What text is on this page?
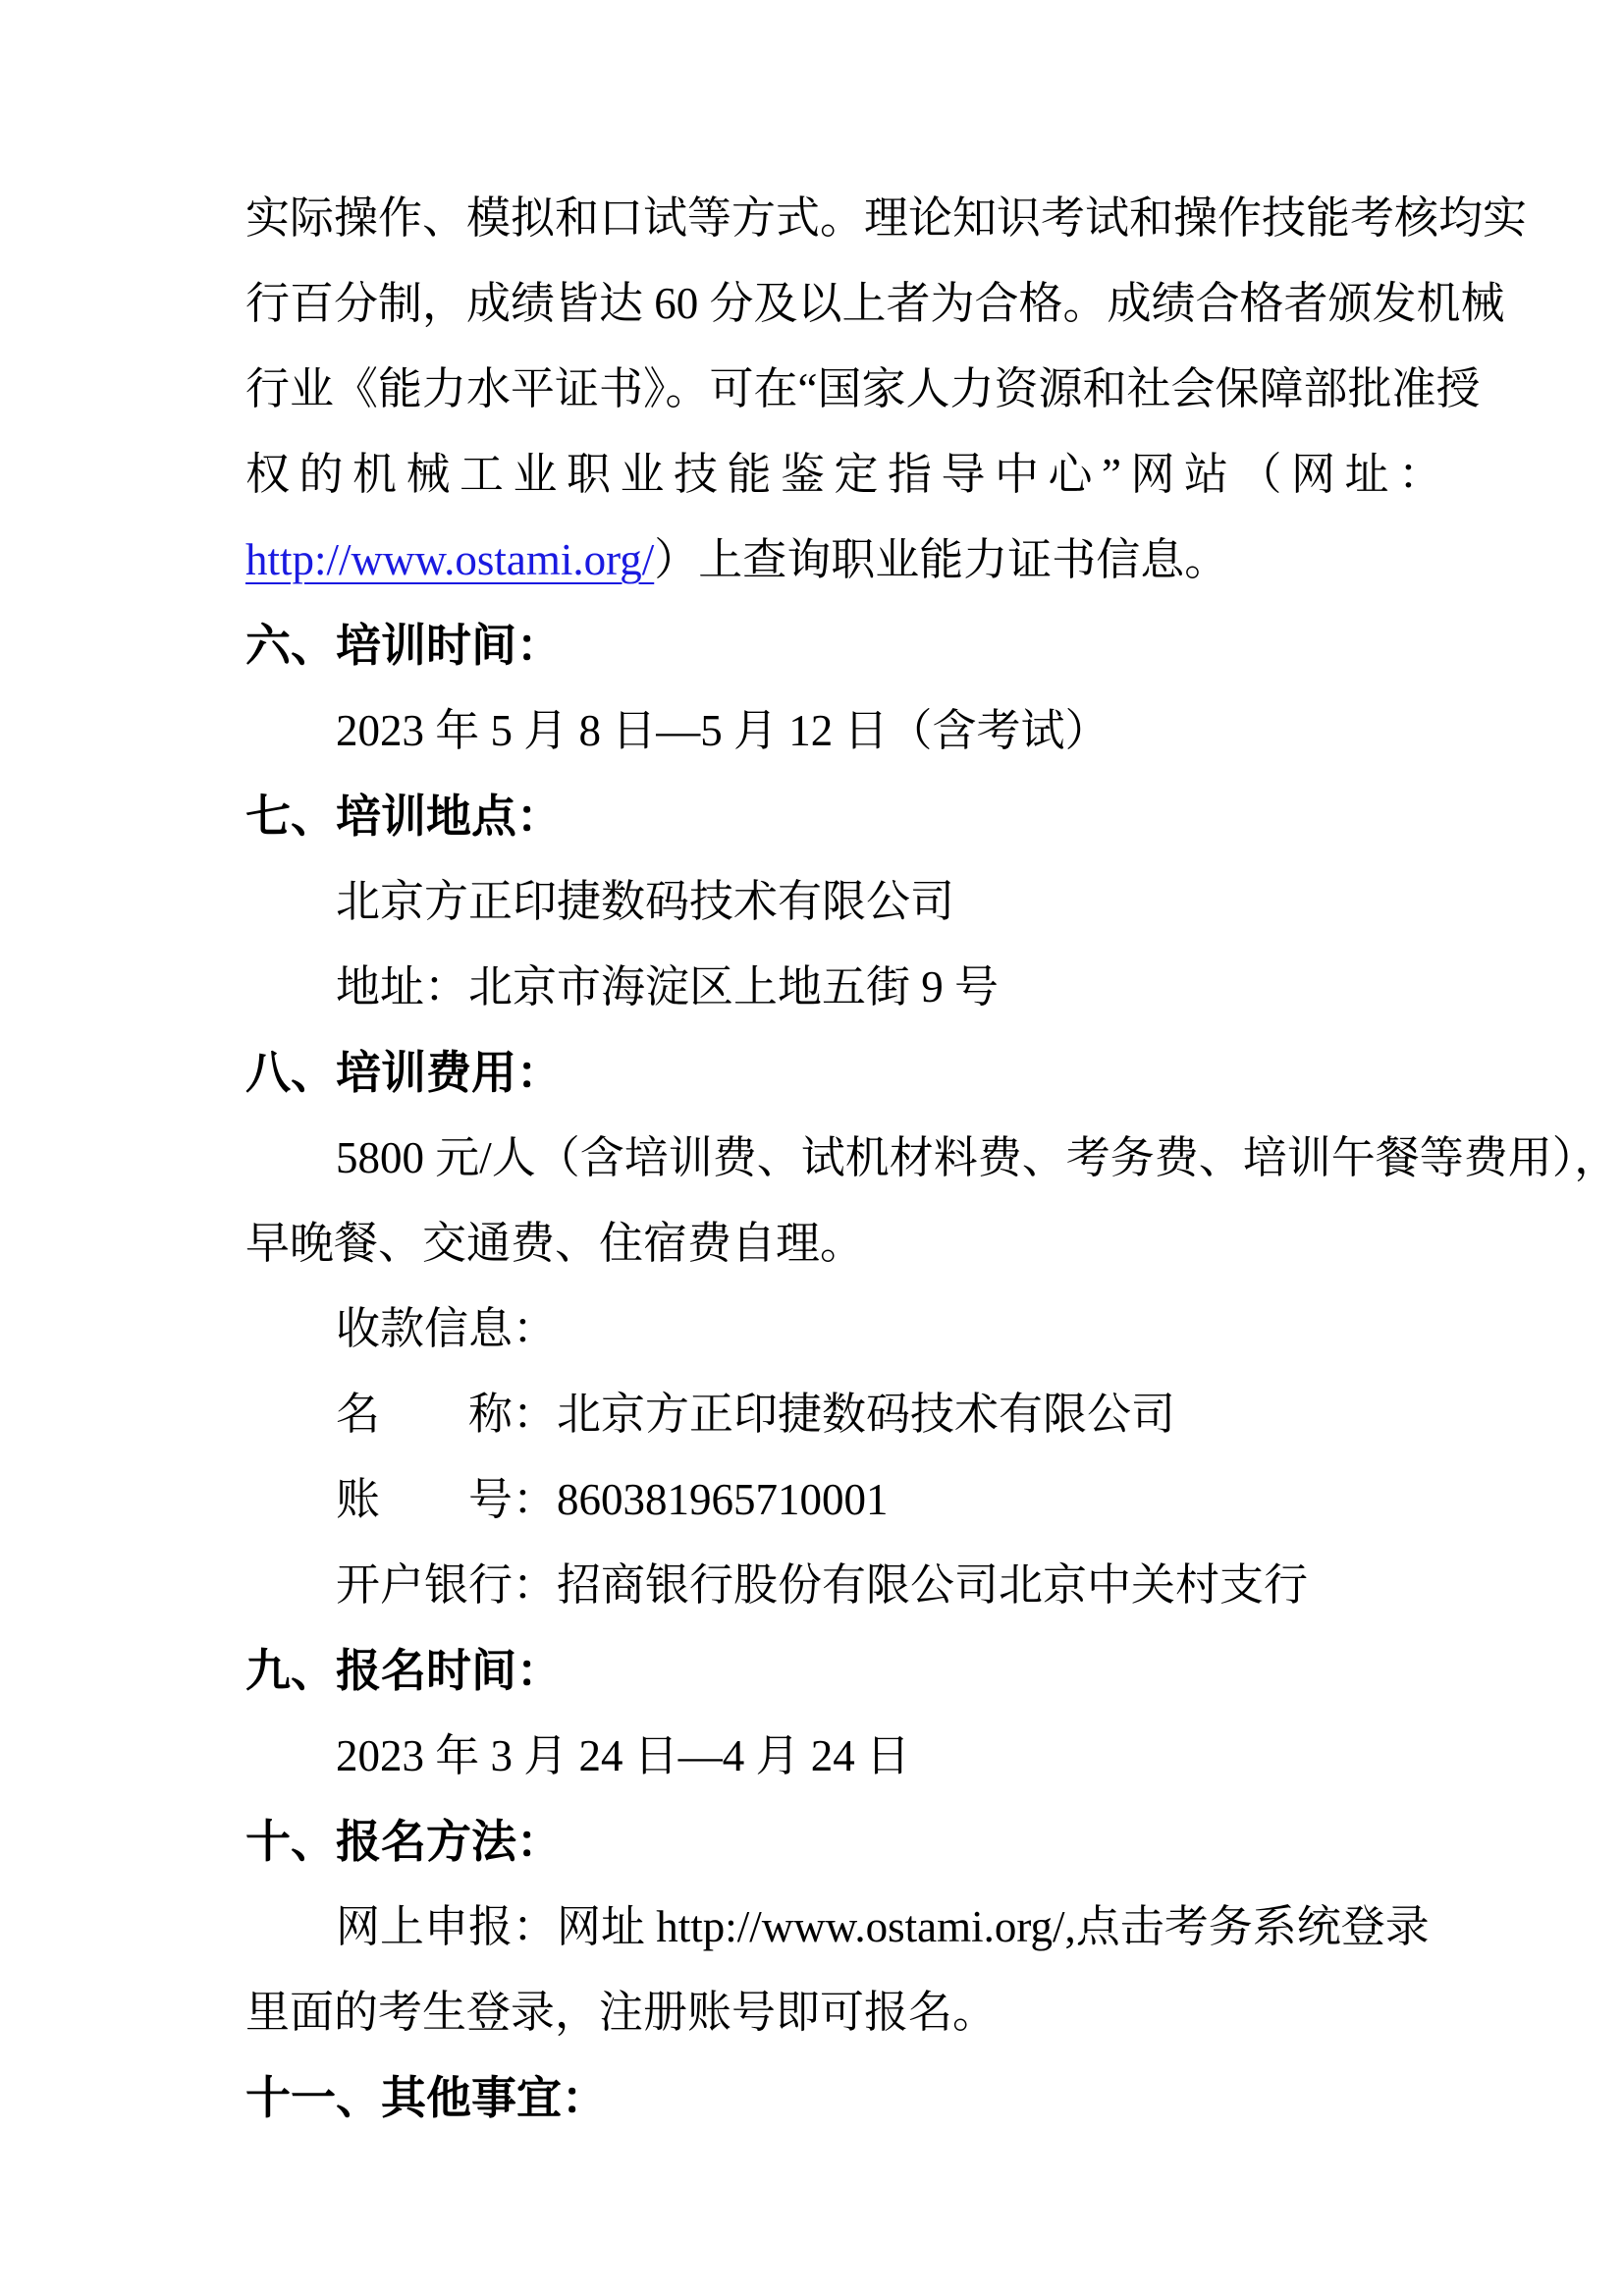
实际操作、模拟和口试等方式。理论知识考试和操作技能考核均实
行百分制，成绩皆达 60 分及以上者为合格。成绩合格者颁发机械
行业《能力水平证书》。可在“国家人力资源和社会保障部批准授
权的机械工业职业技能鉴定指导中心”网站（网址：
http://www.ostami.org/）上查询职业能力证书信息。
六、培训时间：
2023 年 5 月 8 日—5 月 12 日（含考试）
七、培训地点：
北京方正印捷数码技术有限公司
地址：北京市海淀区上地五街 9 号
八、培训费用：
5800 元/人（含培训费、试机材料费、考务费、培训午餐等费用），
早晚餐、交通费、住宿费自理。
收款信息：
名　　称：北京方正印捷数码技术有限公司
账　　号：860381965710001
开户银行：招商银行股份有限公司北京中关村支行
九、报名时间：
2023 年 3 月 24 日—4 月 24 日
十、报名方法：
网上申报：网址 http://www.ostami.org/,点击考务系统登录
里面的考生登录，注册账号即可报名。
十一、其他事宜：
